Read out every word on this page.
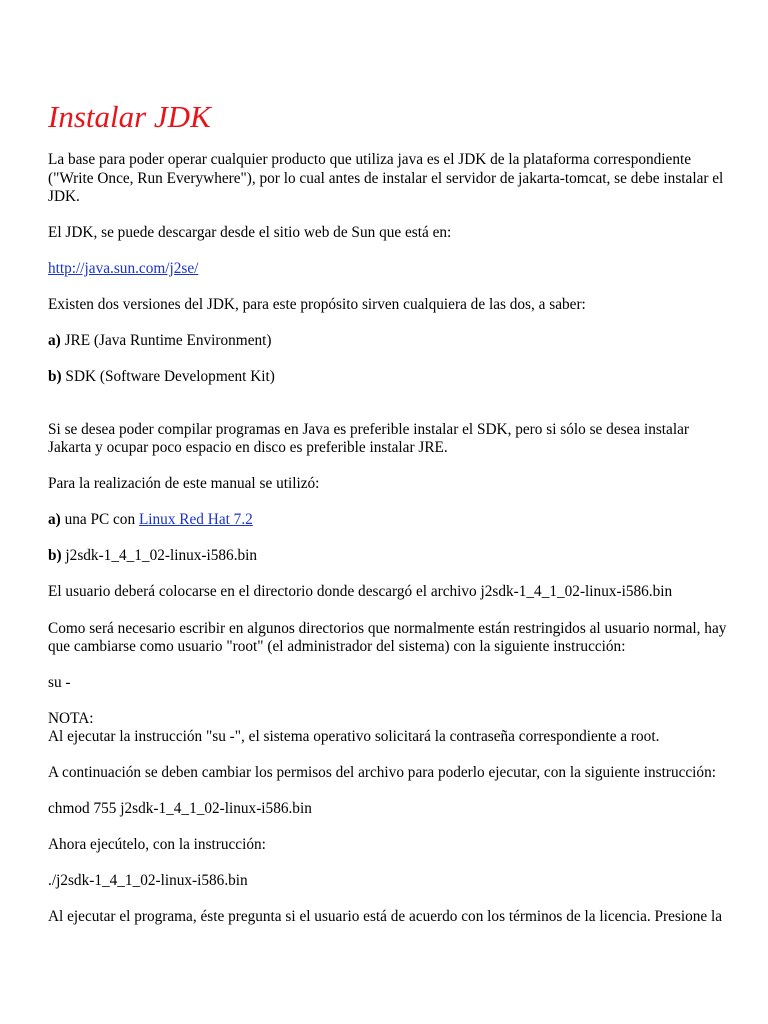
Instalar JDK

La base para poder operar cualquier producto que utiliza java es el JDK de la plataforma correspondiente

("Write Once, Run Everywhere"), por lo cual antes de instalar el servidor de jakarta-tomcat, se debe instalar el

JDK.

El JDK, se puede descargar desde el sitio web de Sun que está en:

http://java.sun.com/j2se/

Existen dos versiones del JDK, para este propósito sirven cualquiera de las dos, a saber:

a) JRE (Java Runtime Environment)

b) SDK (Software Development Kit)

Si se desea poder compilar programas en Java es preferible instalar el SDK, pero si sólo se desea instalar

Jakarta y ocupar poco espacio en disco es preferible instalar JRE.

Para la realización de este manual se utilizó:

a) una PC con Linux Red Hat 7.2

b) j2sdk-1_4_1_02-linux-i586.bin

El usuario deberá colocarse en el directorio donde descargó el archivo j2sdk-1_4_1_02-linux-i586.bin

Como será necesario escribir en algunos directorios que normalmente están restringidos al usuario normal, hay

que cambiarse como usuario "root" (el administrador del sistema) con la siguiente instrucción:

su -

NOTA:

Al ejecutar la instrucción "su -", el sistema operativo solicitará la contraseña correspondiente a root.

A continuación se deben cambiar los permisos del archivo para poderlo ejecutar, con la siguiente instrucción:

chmod 755 j2sdk-1_4_1_02-linux-i586.bin

Ahora ejecútelo, con la instrucción:

./j2sdk-1_4_1_02-linux-i586.bin

Al ejecutar el programa, éste pregunta si el usuario está de acuerdo con los términos de la licencia. Presione la
